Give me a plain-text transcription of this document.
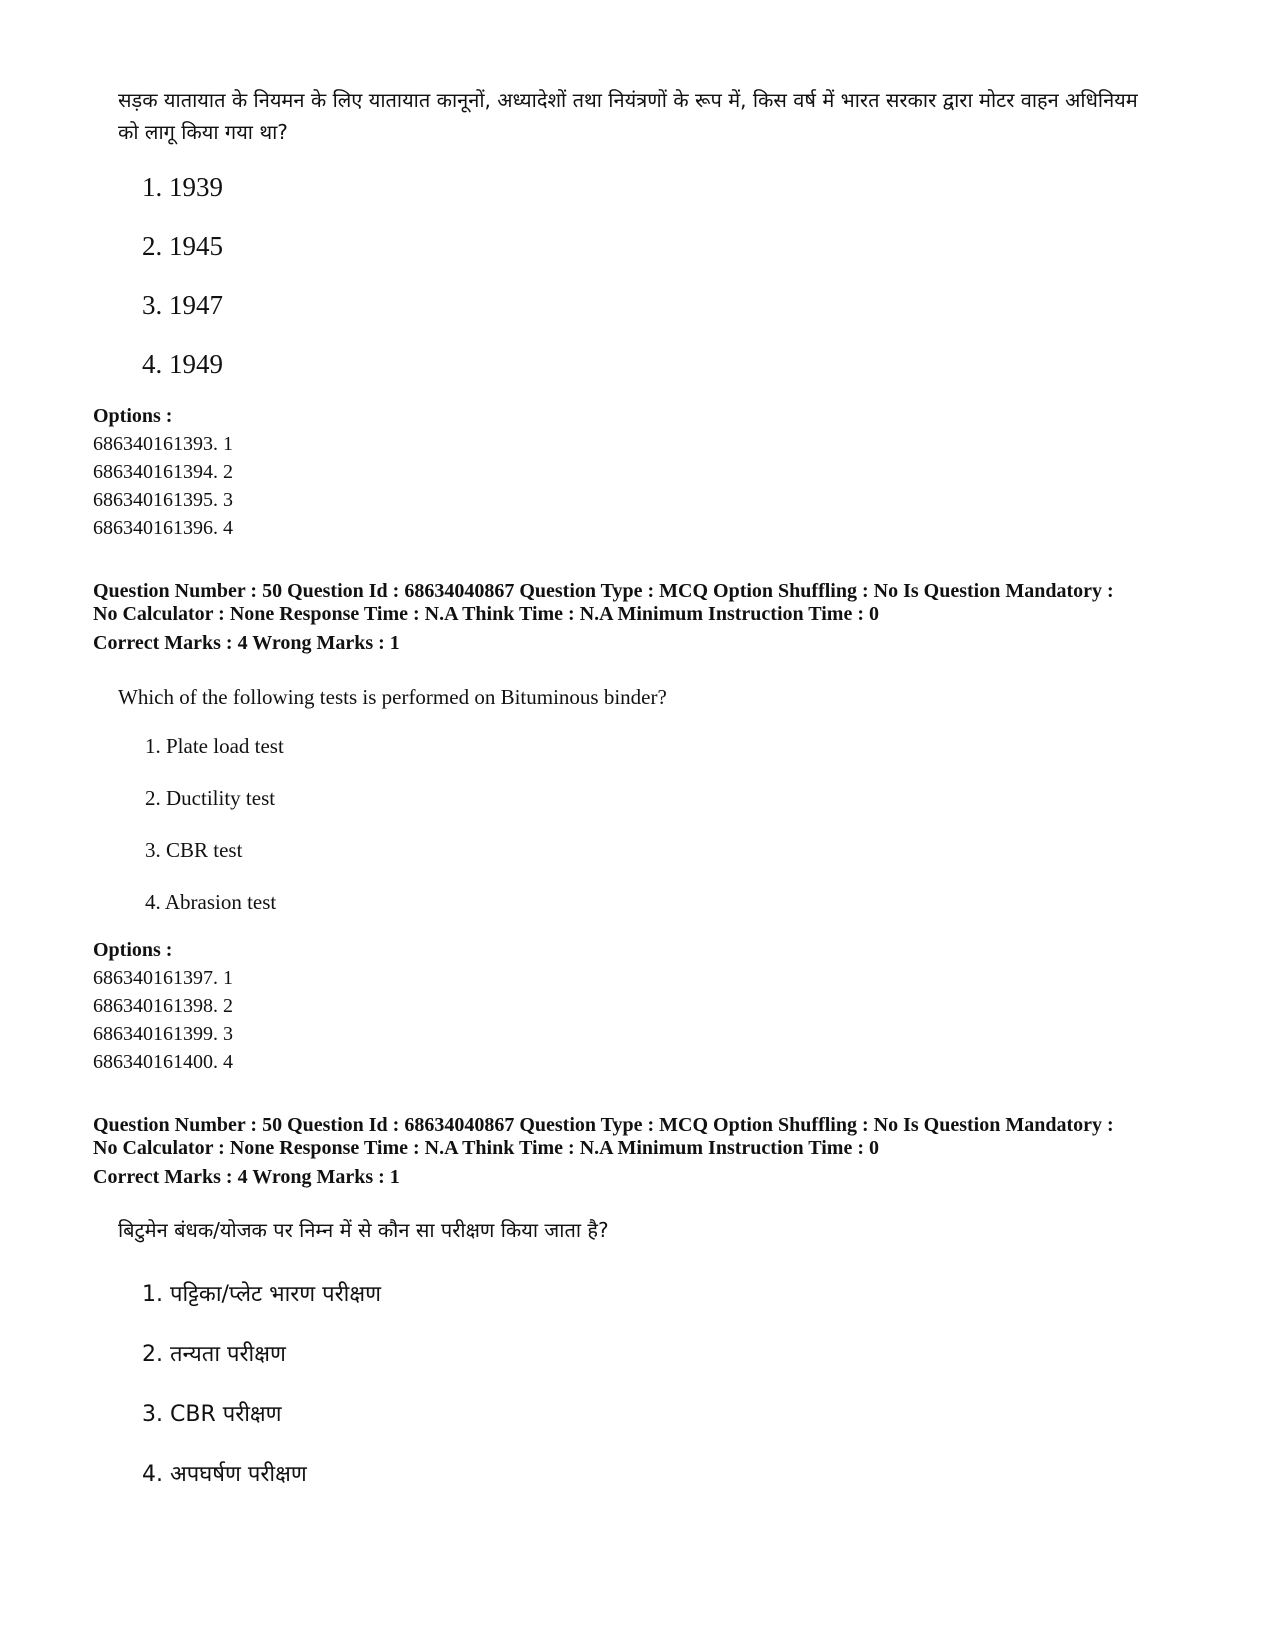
सड़क यातायात के नियमन के लिए यातायात कानूनों, अध्यादेशों तथा नियंत्रणों के रूप में, किस वर्ष में भारत सरकार द्वारा मोटर वाहन अधिनियम को लागू किया गया था?
1. 1939
2. 1945
3. 1947
4. 1949
Options :
686340161393. 1
686340161394. 2
686340161395. 3
686340161396. 4
Question Number : 50 Question Id : 68634040867 Question Type : MCQ Option Shuffling : No Is Question Mandatory :
No Calculator : None Response Time : N.A Think Time : N.A Minimum Instruction Time : 0
Correct Marks : 4 Wrong Marks : 1
Which of the following tests is performed on Bituminous binder?
1. Plate load test
2. Ductility test
3. CBR test
4. Abrasion test
Options :
686340161397. 1
686340161398. 2
686340161399. 3
686340161400. 4
Question Number : 50 Question Id : 68634040867 Question Type : MCQ Option Shuffling : No Is Question Mandatory :
No Calculator : None Response Time : N.A Think Time : N.A Minimum Instruction Time : 0
Correct Marks : 4 Wrong Marks : 1
बिटुमेन बंधक/योजक पर निम्न में से कौन सा परीक्षण किया जाता है?
1. पट्टिका/प्लेट भारण परीक्षण
2. तन्यता परीक्षण
3. CBR परीक्षण
4. अपघर्षण परीक्षण
